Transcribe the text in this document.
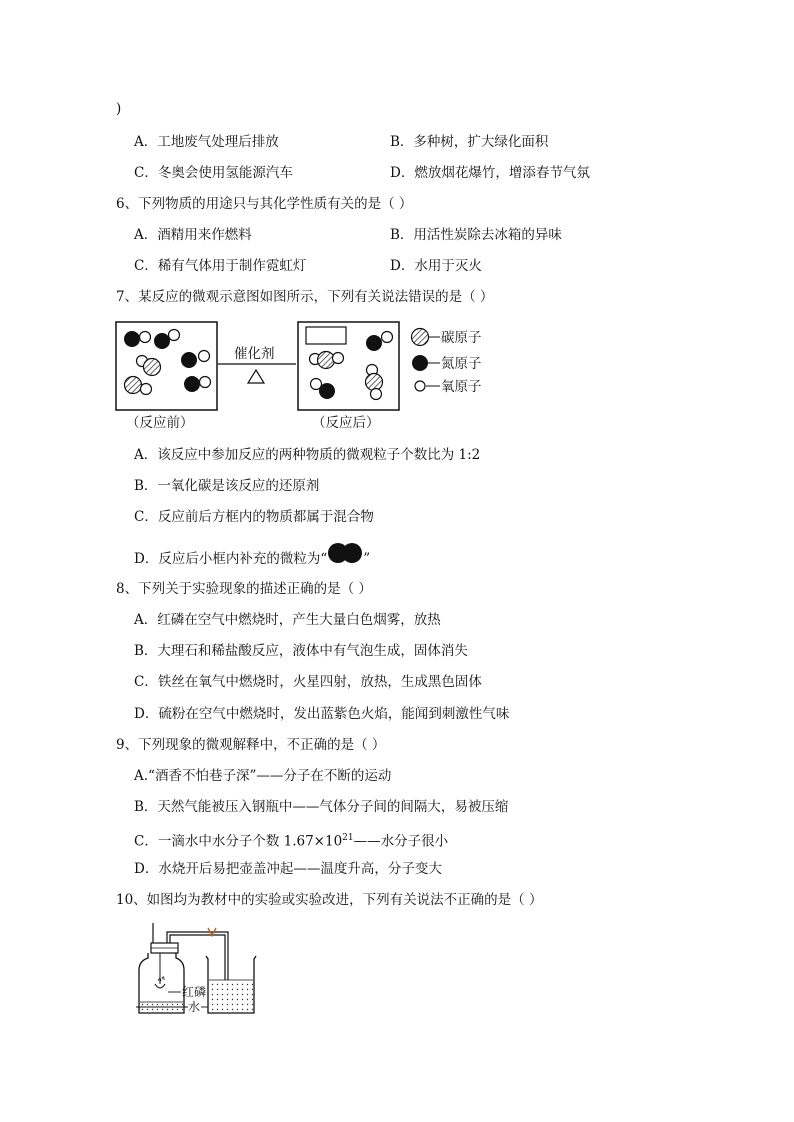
)
A．工地废气处理后排放	B．多种树，扩大绿化面积
C．冬奥会使用氢能源汽车	D．燃放烟花爆竹，增添春节气氛
6、下列物质的用途只与其化学性质有关的是（ ）
A．酒精用来作燃料	B．用活性炭除去冰箱的异味
C．稀有气体用于制作霓虹灯	D．水用于灭火
7、某反应的微观示意图如图所示，下列有关说法错误的是（ ）
催化剂
（反应前）	（反应后）
碳原子
氮原子
氧原子
A．该反应中参加反应的两种物质的微观粒子个数比为 1:2
B．一氧化碳是该反应的还原剂
C．反应前后方框内的物质都属于混合物
D．反应后小框内补充的微粒为“	”
8、下列关于实验现象的描述正确的是（ ）
A．红磷在空气中燃烧时，产生大量白色烟雾，放热
B．大理石和稀盐酸反应，液体中有气泡生成，固体消失
C．铁丝在氧气中燃烧时，火星四射，放热，生成黑色固体
D．硫粉在空气中燃烧时，发出蓝紫色火焰，能闻到刺激性气味
9、下列现象的微观解释中，不正确的是（ ）
A.“酒香不怕巷子深”——分子在不断的运动
B．天然气能被压入钢瓶中——气体分子间的间隔大，易被压缩
C．一滴水中水分子个数 $1.67\times 10^{21}——$水分子很小
D．水烧开后易把壶盖冲起——温度升高，分子变大
10、如图均为教材中的实验或实验改进，下列有关说法不正确的是（ ）
红磷
水
